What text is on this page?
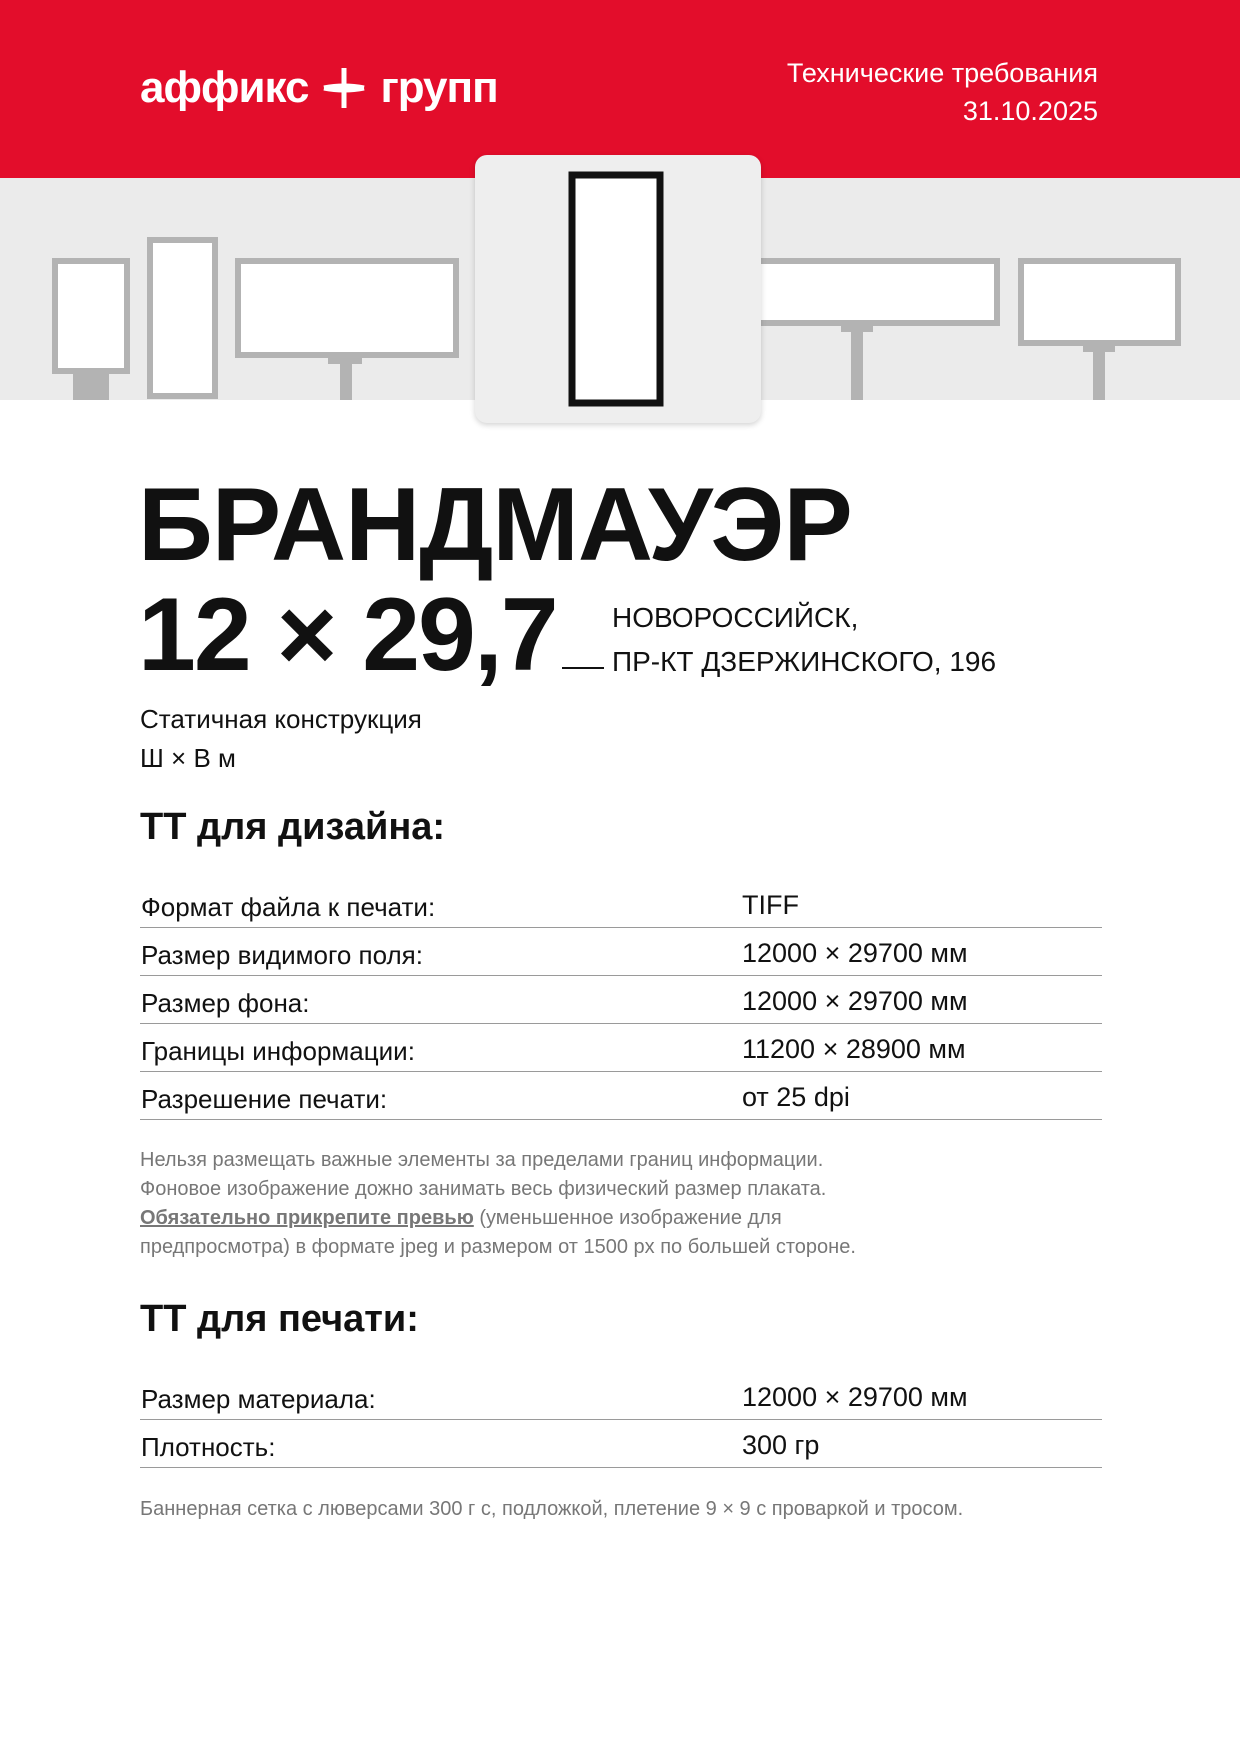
аффикс групп	Технические требования
31.10.2025
БРАНДМАУЭР
12 × 29,7 НОВОРОССИЙСК,
ПР-КТ ДЗЕРЖИНСКОГО, 196
Статичная конструкция
Ш × В м
ТТ для дизайна:
Формат файла к печати:	TIFF
Размер видимого поля:	12000 × 29700 мм
Размер фона:	12000 × 29700 мм
Границы информации:	11200 × 28900 мм
Разрешение печати:	от 25 dpi
Нельзя размещать важные элементы за пределами границ информации.
Фоновое изображение дожно занимать весь физический размер плаката.
Обязательно прикрепите превью (уменьшенное изображение для
предпросмотра) в формате jpeg и размером от 1500 px по большей стороне.
ТТ для печати:
Размер материала:	12000 × 29700 мм
Плотность:	300 гр
Баннерная сетка с люверсами 300 г с, подложкой, плетение 9 × 9 с проваркой и тросом.
